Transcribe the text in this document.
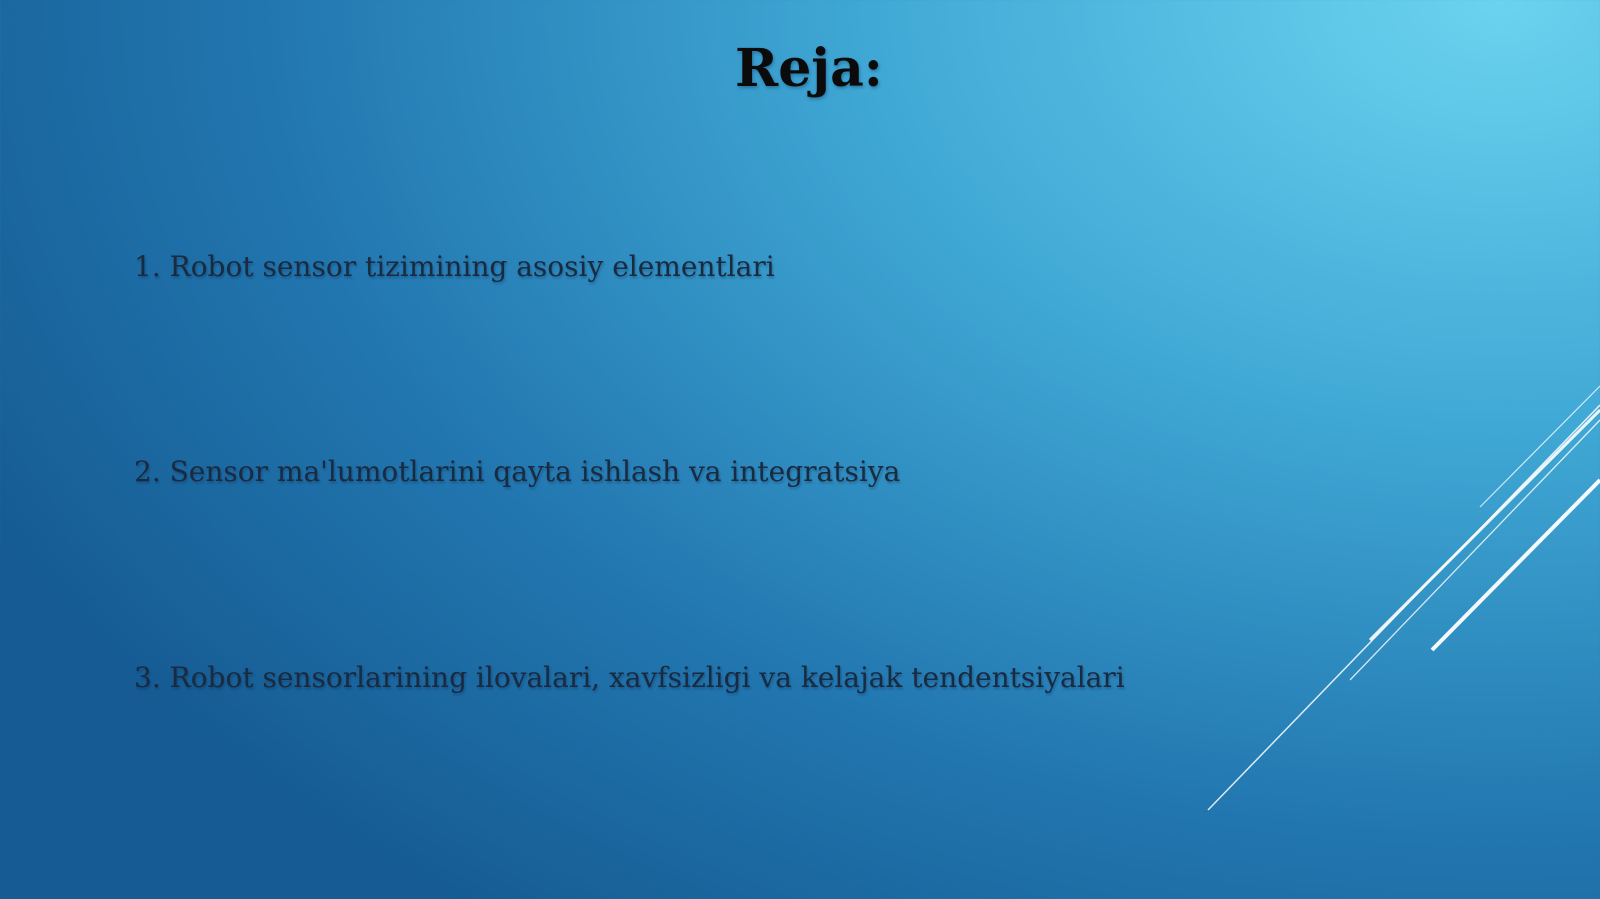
Reja:
1. Robot sensor tizimining asosiy elementlari
2. Sensor ma'lumotlarini qayta ishlash va integratsiya
3. Robot sensorlarining ilovalari, xavfsizligi va kelajak tendentsiyalari
